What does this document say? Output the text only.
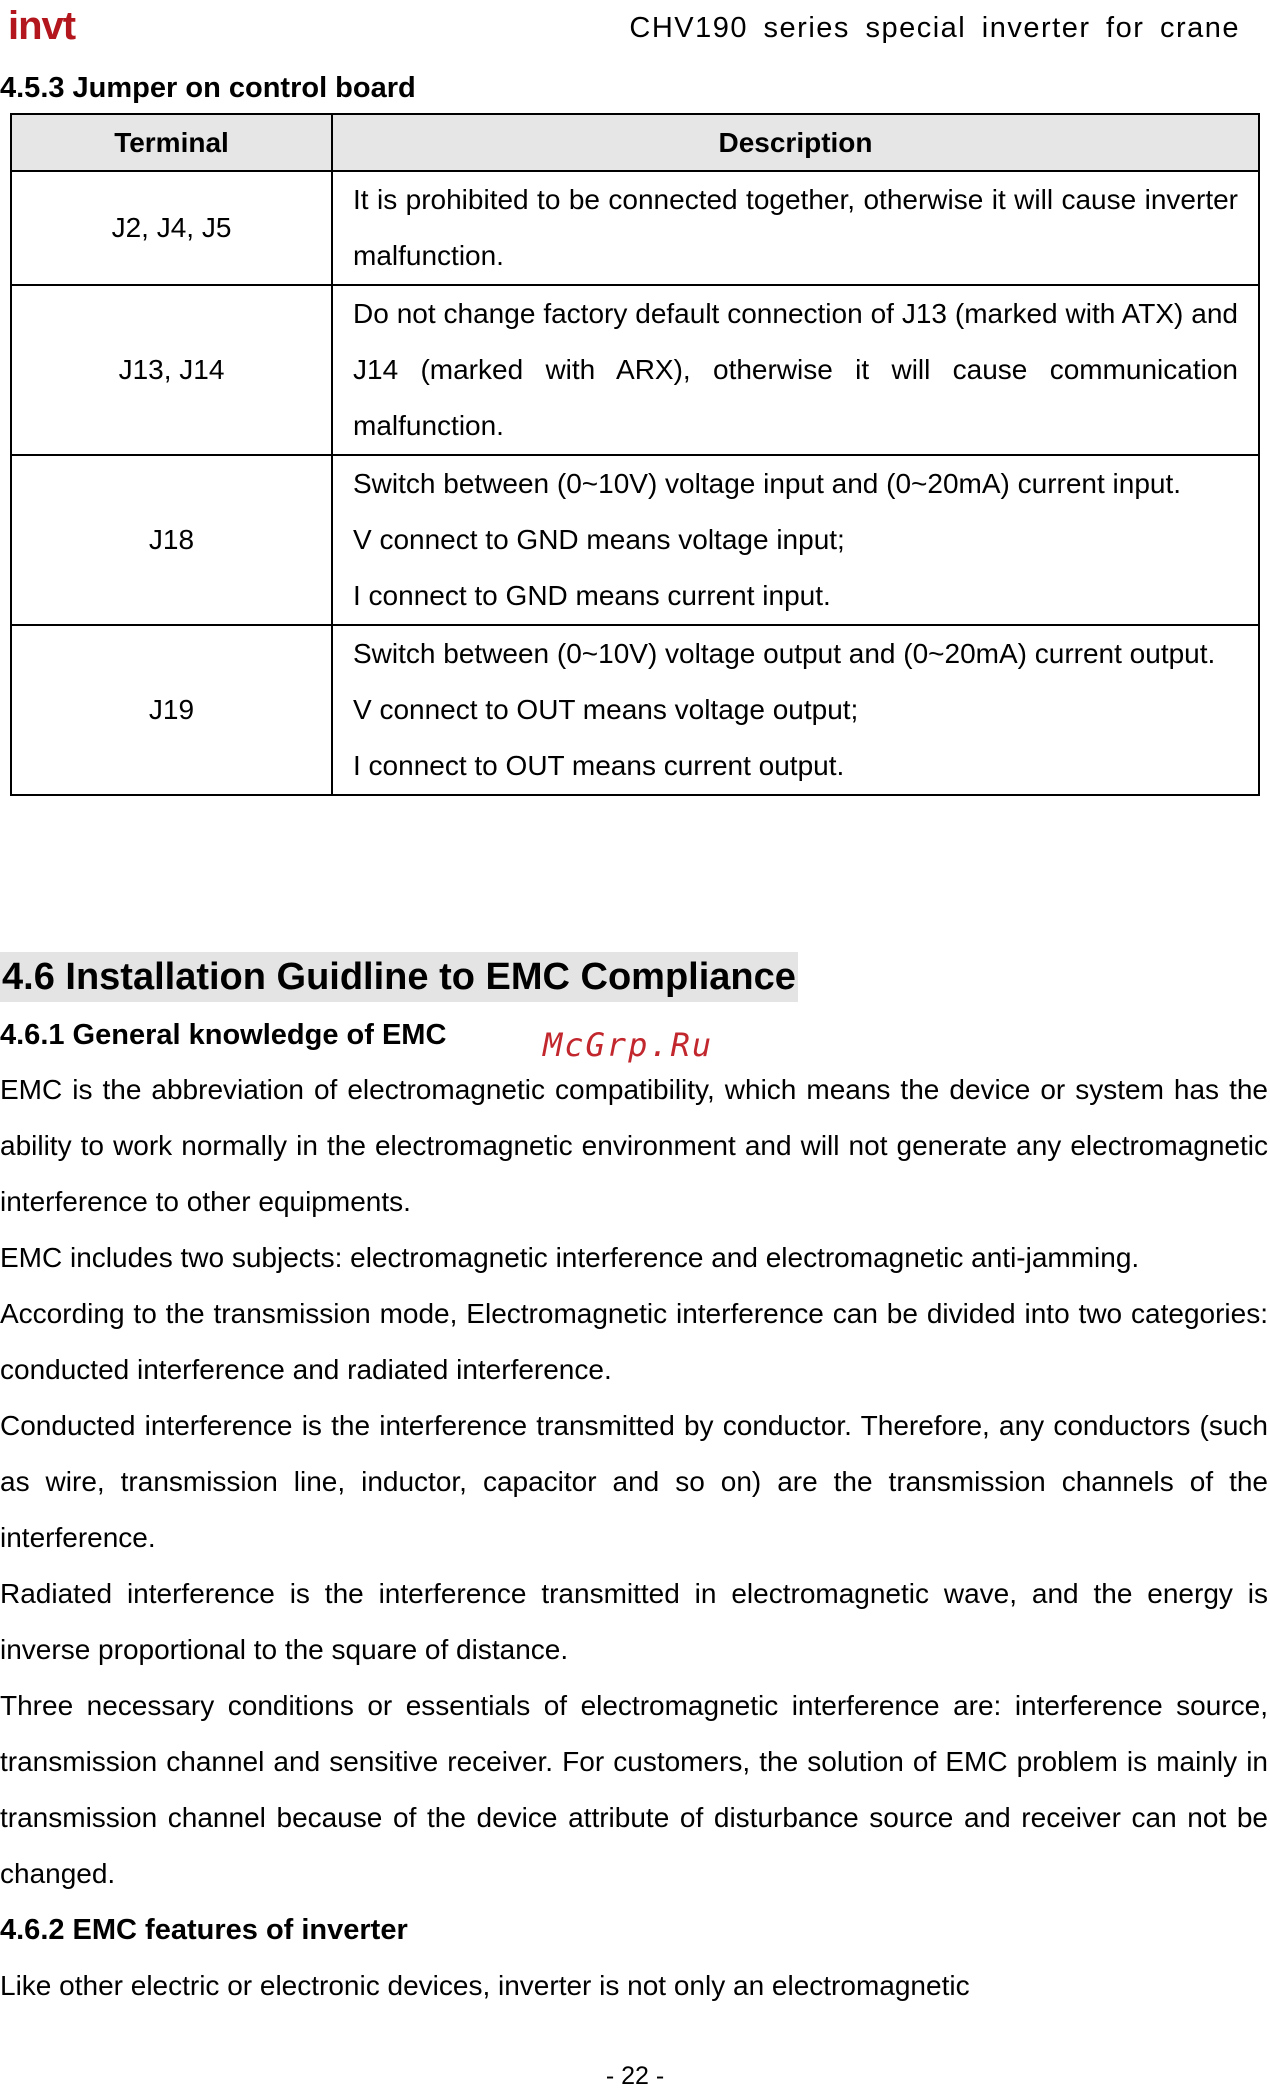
invt	CHV190 series special inverter for crane
4.5.3 Jumper on control board
Terminal	Description
J2, J4, J5	It is prohibited to be connected together, otherwise it will cause inverter malfunction.

J13, J14	Do not change factory default connection of J13 (marked with ATX) and J14 (marked with ARX), otherwise it will cause communication malfunction.

J18	Switch between (0~10V) voltage input and (0~20mA) current input.

V connect to GND means voltage input;

I connect to GND means current input.

J19	Switch between (0~10V) voltage output and (0~20mA) current output.

V connect to OUT means voltage output;

I connect to OUT means current output.

4.6 Installation Guidline to EMC Compliance
4.6.1 General knowledge of EMC	McGrp.Ru

EMC is the abbreviation of electromagnetic compatibility, which means the device or system has the ability to work normally in the electromagnetic environment and will not generate any electromagnetic interference to other equipments.

EMC includes two subjects: electromagnetic interference and electromagnetic anti-jamming.

According to the transmission mode, Electromagnetic interference can be divided into two categories: conducted interference and radiated interference.

Conducted interference is the interference transmitted by conductor. Therefore, any conductors (such as wire, transmission line, inductor, capacitor and so on) are the transmission channels of the interference.

Radiated interference is the interference transmitted in electromagnetic wave, and the energy is inverse proportional to the square of distance.

Three necessary conditions or essentials of electromagnetic interference are: interference source, transmission channel and sensitive receiver. For customers, the solution of EMC problem is mainly in transmission channel because of the device attribute of disturbance source and receiver can not be changed.

4.6.2 EMC features of inverter

Like other electric or electronic devices, inverter is not only an electromagnetic

- 22 -
